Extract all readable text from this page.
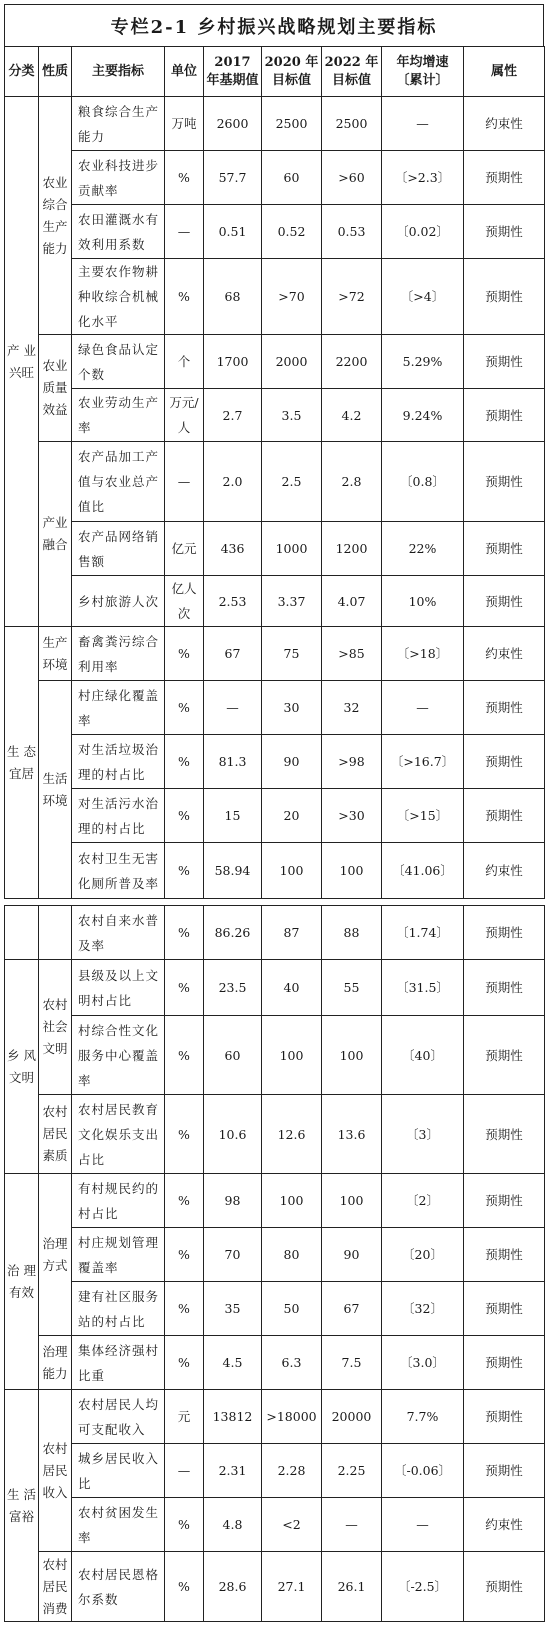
专栏2-1 乡村振兴战略规划主要指标
分类	性质	主要指标	单位	2017 年基期值	2020 年目标值	2022 年目标值	年均增速〔累计〕	属性
产 业兴旺	农业综合生产能力	粮食综合生产能力	万吨	2600	2500	2500	—	约束性
		农业科技进步贡献率	%	57.7	60	>60	〔>2.3〕	预期性
		农田灌溉水有效利用系数	—	0.51	0.52	0.53	〔0.02〕	预期性
		主要农作物耕种收综合机械化水平	%	68	>70	>72	〔>4〕	预期性
	农业质量效益	绿色食品认定个数	个	1700	2000	2200	5.29%	预期性
		农业劳动生产率	万元/人	2.7	3.5	4.2	9.24%	预期性
	产业融合	农产品加工产值与农业总产值比	—	2.0	2.5	2.8	〔0.8〕	预期性
		农产品网络销售额	亿元	436	1000	1200	22%	预期性
		乡村旅游人次	亿人次	2.53	3.37	4.07	10%	预期性
生 态宜居	生产环境	畜禽粪污综合利用率	%	67	75	>85	〔>18〕	约束性
	生活环境	村庄绿化覆盖率	%	—	30	32	—	预期性
		对生活垃圾治理的村占比	%	81.3	90	>98	〔>16.7〕	预期性
		对生活污水治理的村占比	%	15	20	>30	〔>15〕	预期性
		农村卫生无害化厕所普及率	%	58.94	100	100	〔41.06〕	约束性
		农村自来水普及率	%	86.26	87	88	〔1.74〕	预期性
乡 风文明	农村社会文明	县级及以上文明村占比	%	23.5	40	55	〔31.5〕	预期性
		村综合性文化服务中心覆盖率	%	60	100	100	〔40〕	预期性
	农村居民素质	农村居民教育文化娱乐支出占比	%	10.6	12.6	13.6	〔3〕	预期性
治 理有效	治理方式	有村规民约的村占比	%	98	100	100	〔2〕	预期性
		村庄规划管理覆盖率	%	70	80	90	〔20〕	预期性
		建有社区服务站的村占比	%	35	50	67	〔32〕	预期性
	治理能力	集体经济强村比重	%	4.5	6.3	7.5	〔3.0〕	预期性
生 活富裕	农村居民收入	农村居民人均可支配收入	元	13812	>18000	20000	7.7%	预期性
		城乡居民收入比	—	2.31	2.28	2.25	〔-0.06〕	预期性
		农村贫困发生率	%	4.8	<2	—	—	约束性
	农村居民消费	农村居民恩格尔系数	%	28.6	27.1	26.1	〔-2.5〕	预期性
